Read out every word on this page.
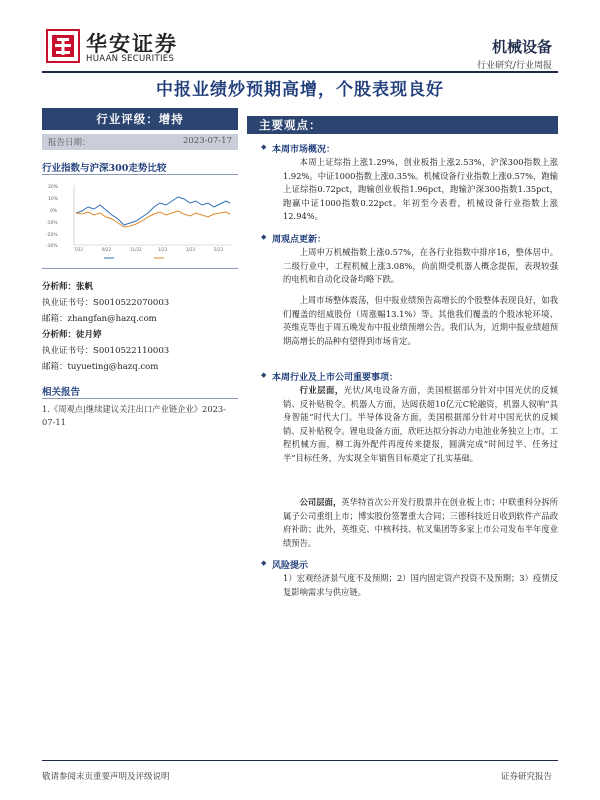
华安证券
HUAAN SECURITIES
机械设备
行业研究/行业周报
中报业绩炒预期高增，个股表现良好
行业评级：增持
报告日期：	2023-07-17
行业指数与沪深300走势比较
20%
10%
0%
-10%
-20%
-30%
7/22	9/22	11/22	1/23	3/23	5/23
分析师：张帆
执业证书号：S0010522070003
邮箱：zhangfan@hazq.com
分析师：徒月婷
执业证书号：S0010522110003
邮箱：tuyueting@hazq.com
相关报告
1.《周观点|继续建议关注出口产业链企业》2023-07-11
主要观点：
◆ 本周市场概况：

本周上证综指上涨1.29%，创业板指上涨2.53%，沪深300指数上涨1.92%。中证1000指数上涨0.35%。机械设备行业指数上涨0.57%，跑输上证综指0.72pct，跑输创业板指1.96pct，跑输沪深300指数1.35pct，跑赢中证1000指数0.22pct。年初至今表看，机械设备行业指数上涨12.94%。

◆ 周观点更新：

上周申万机械指数上涨0.57%，在各行业指数中排序16，整体居中。二级行业中，工程机械上涨3.08%，尚前期受机器人概念提振，表现较强的电机和自动化设备均略下跌。

上周市场整体震荡，但中报业绩预告高增长的个股整体表现良好，如我们覆盖的纽威股份（周涨幅13.1%）等。其他我们覆盖的个股冰轮环境、英维克等也于周五晚发布中报业绩预增公告。我们认为，近期中报业绩超预期高增长的品种有望得到市场肯定。

◆ 本周行业及上市公司重要事项：

行业层面，光伏/风电设备方面，美国根据部分针对中国光伏的反倾销、反补贴税令。机器人方面，达闼获超10亿元C轮融资，机器人叙响“具身智能”时代大门。半导体设备方面，美国根据部分针对中国光伏的反倾销、反补贴税令。锂电设备方面，欣旺达拟分拆动力电池业务独立上市。工程机械方面，柳工海外配件再度传来捷报，圆满完成“时间过半、任务过半”目标任务，为实现全年销售目标奠定了扎实基础。

公司层面，英华特首次公开发行股票并在创业板上市；中联重科分拆所属子公司重组上市；博实股份签署重大合同；三德科技近日收到软件产品政府补助；此外，英维克、中核科技、杭叉集团等多家上市公司发布半年度业绩预告。

◆ 风险提示

1）宏观经济景气度不及预期；2）国内固定资产投资不及预期；3）疫情反复影响需求与供应链。

敬请参阅末页重要声明及评级说明	证券研究报告
